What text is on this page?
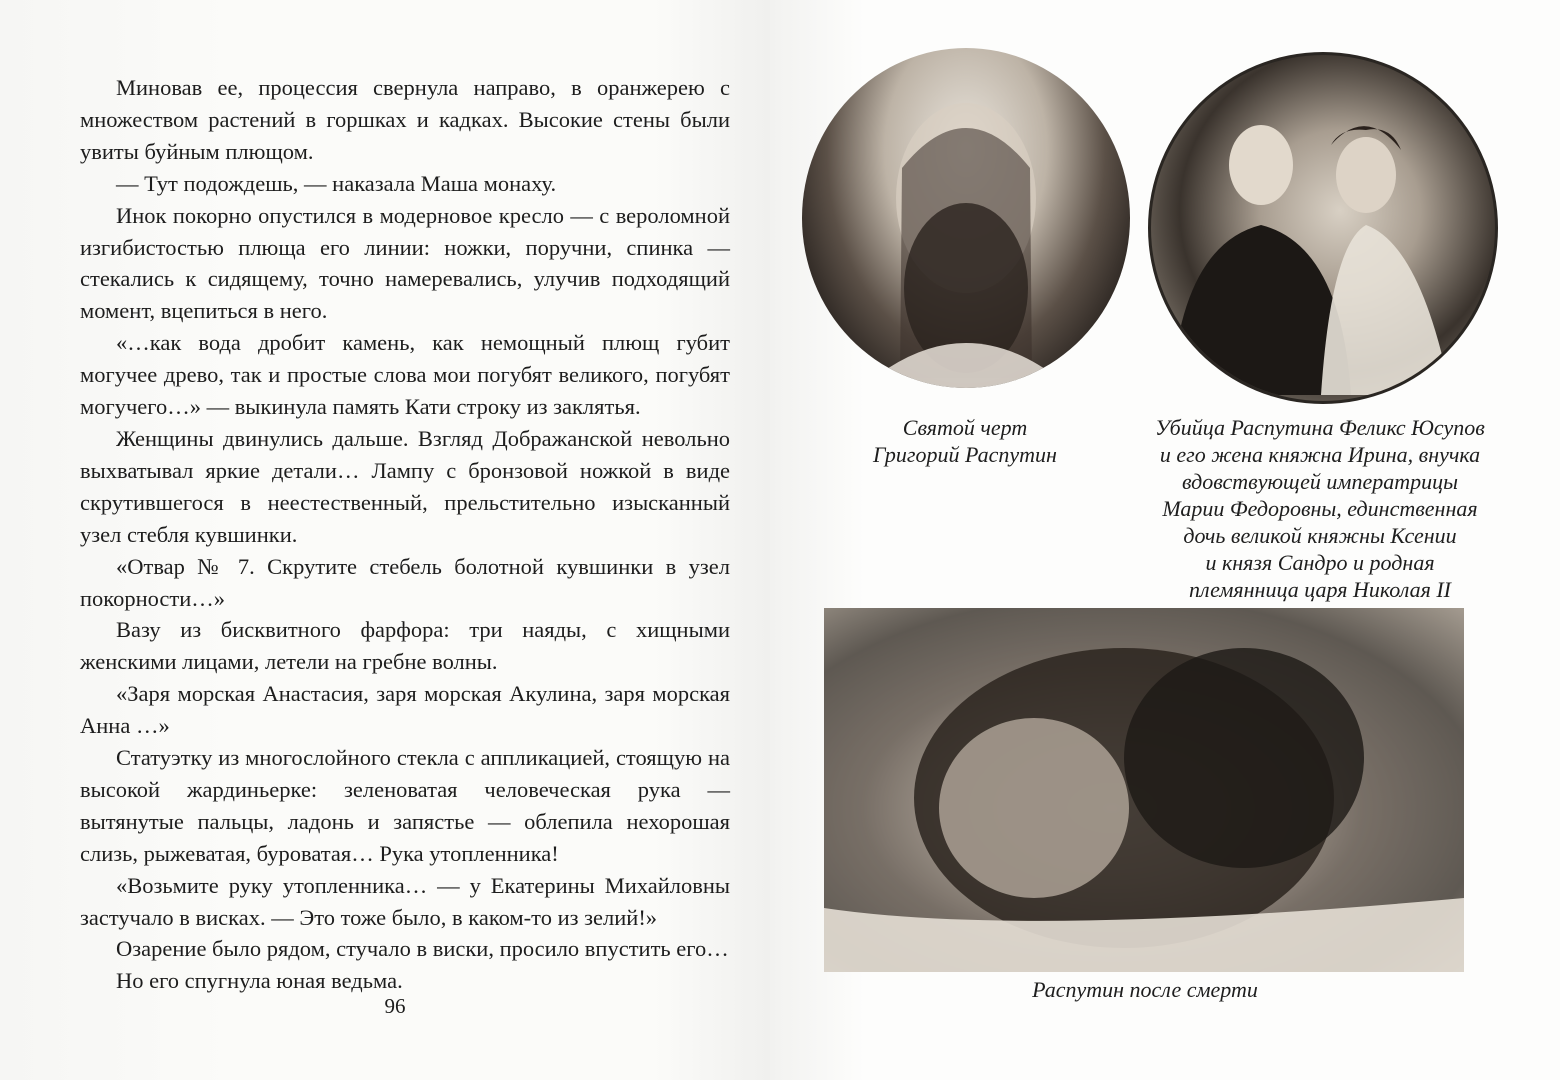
Миновав ее, процессия свернула направо, в оранжерею с множеством растений в горшках и кадках. Высокие стены были увиты буйным плющом.

— Тут подождешь, — наказала Маша монаху.

Инок покорно опустился в модерновое кресло — с вероломной изгибистостью плюща его линии: ножки, поручни, спинка — стекались к сидящему, точно намеревались, улучив подходящий момент, вцепиться в него.

«…как вода дробит камень, как немощный плющ губит могучее древо, так и простые слова мои погубят великого, погубят могучего…» — выкинула память Кати строку из заклятья.

Женщины двинулись дальше. Взгляд Дображанской невольно выхватывал яркие детали… Лампу с бронзовой ножкой в виде скрутившегося в неестественный, прельстительно изысканный узел стебля кувшинки.

«Отвар № 7. Скрутите стебель болотной кувшинки в узел покорности…»

Вазу из бисквитного фарфора: три наяды, с хищными женскими лицами, летели на гребне волны.

«Заря морская Анастасия, заря морская Акулина, заря морская Анна …»

Статуэтку из многослойного стекла с аппликацией, стоящую на высокой жардиньерке: зеленоватая человеческая рука — вытянутые пальцы, ладонь и запястье — облепила нехорошая слизь, рыжеватая, буроватая… Рука утопленника!

«Возьмите руку утопленника… — у Екатерины Михайловны застучало в висках. — Это тоже было, в каком-то из зелий!»

Озарение было рядом, стучало в виски, просило впустить его…

Но его спугнула юная ведьма.

96
Святой черт
Григорий Распутин
Убийца Распутина Феликс Юсупов
и его жена княжна Ирина, внучка
вдовствующей императрицы
Марии Федоровны, единственная
дочь великой княжны Ксении
и князя Сандро и родная
племянница царя Николая II
Распутин после смерти
